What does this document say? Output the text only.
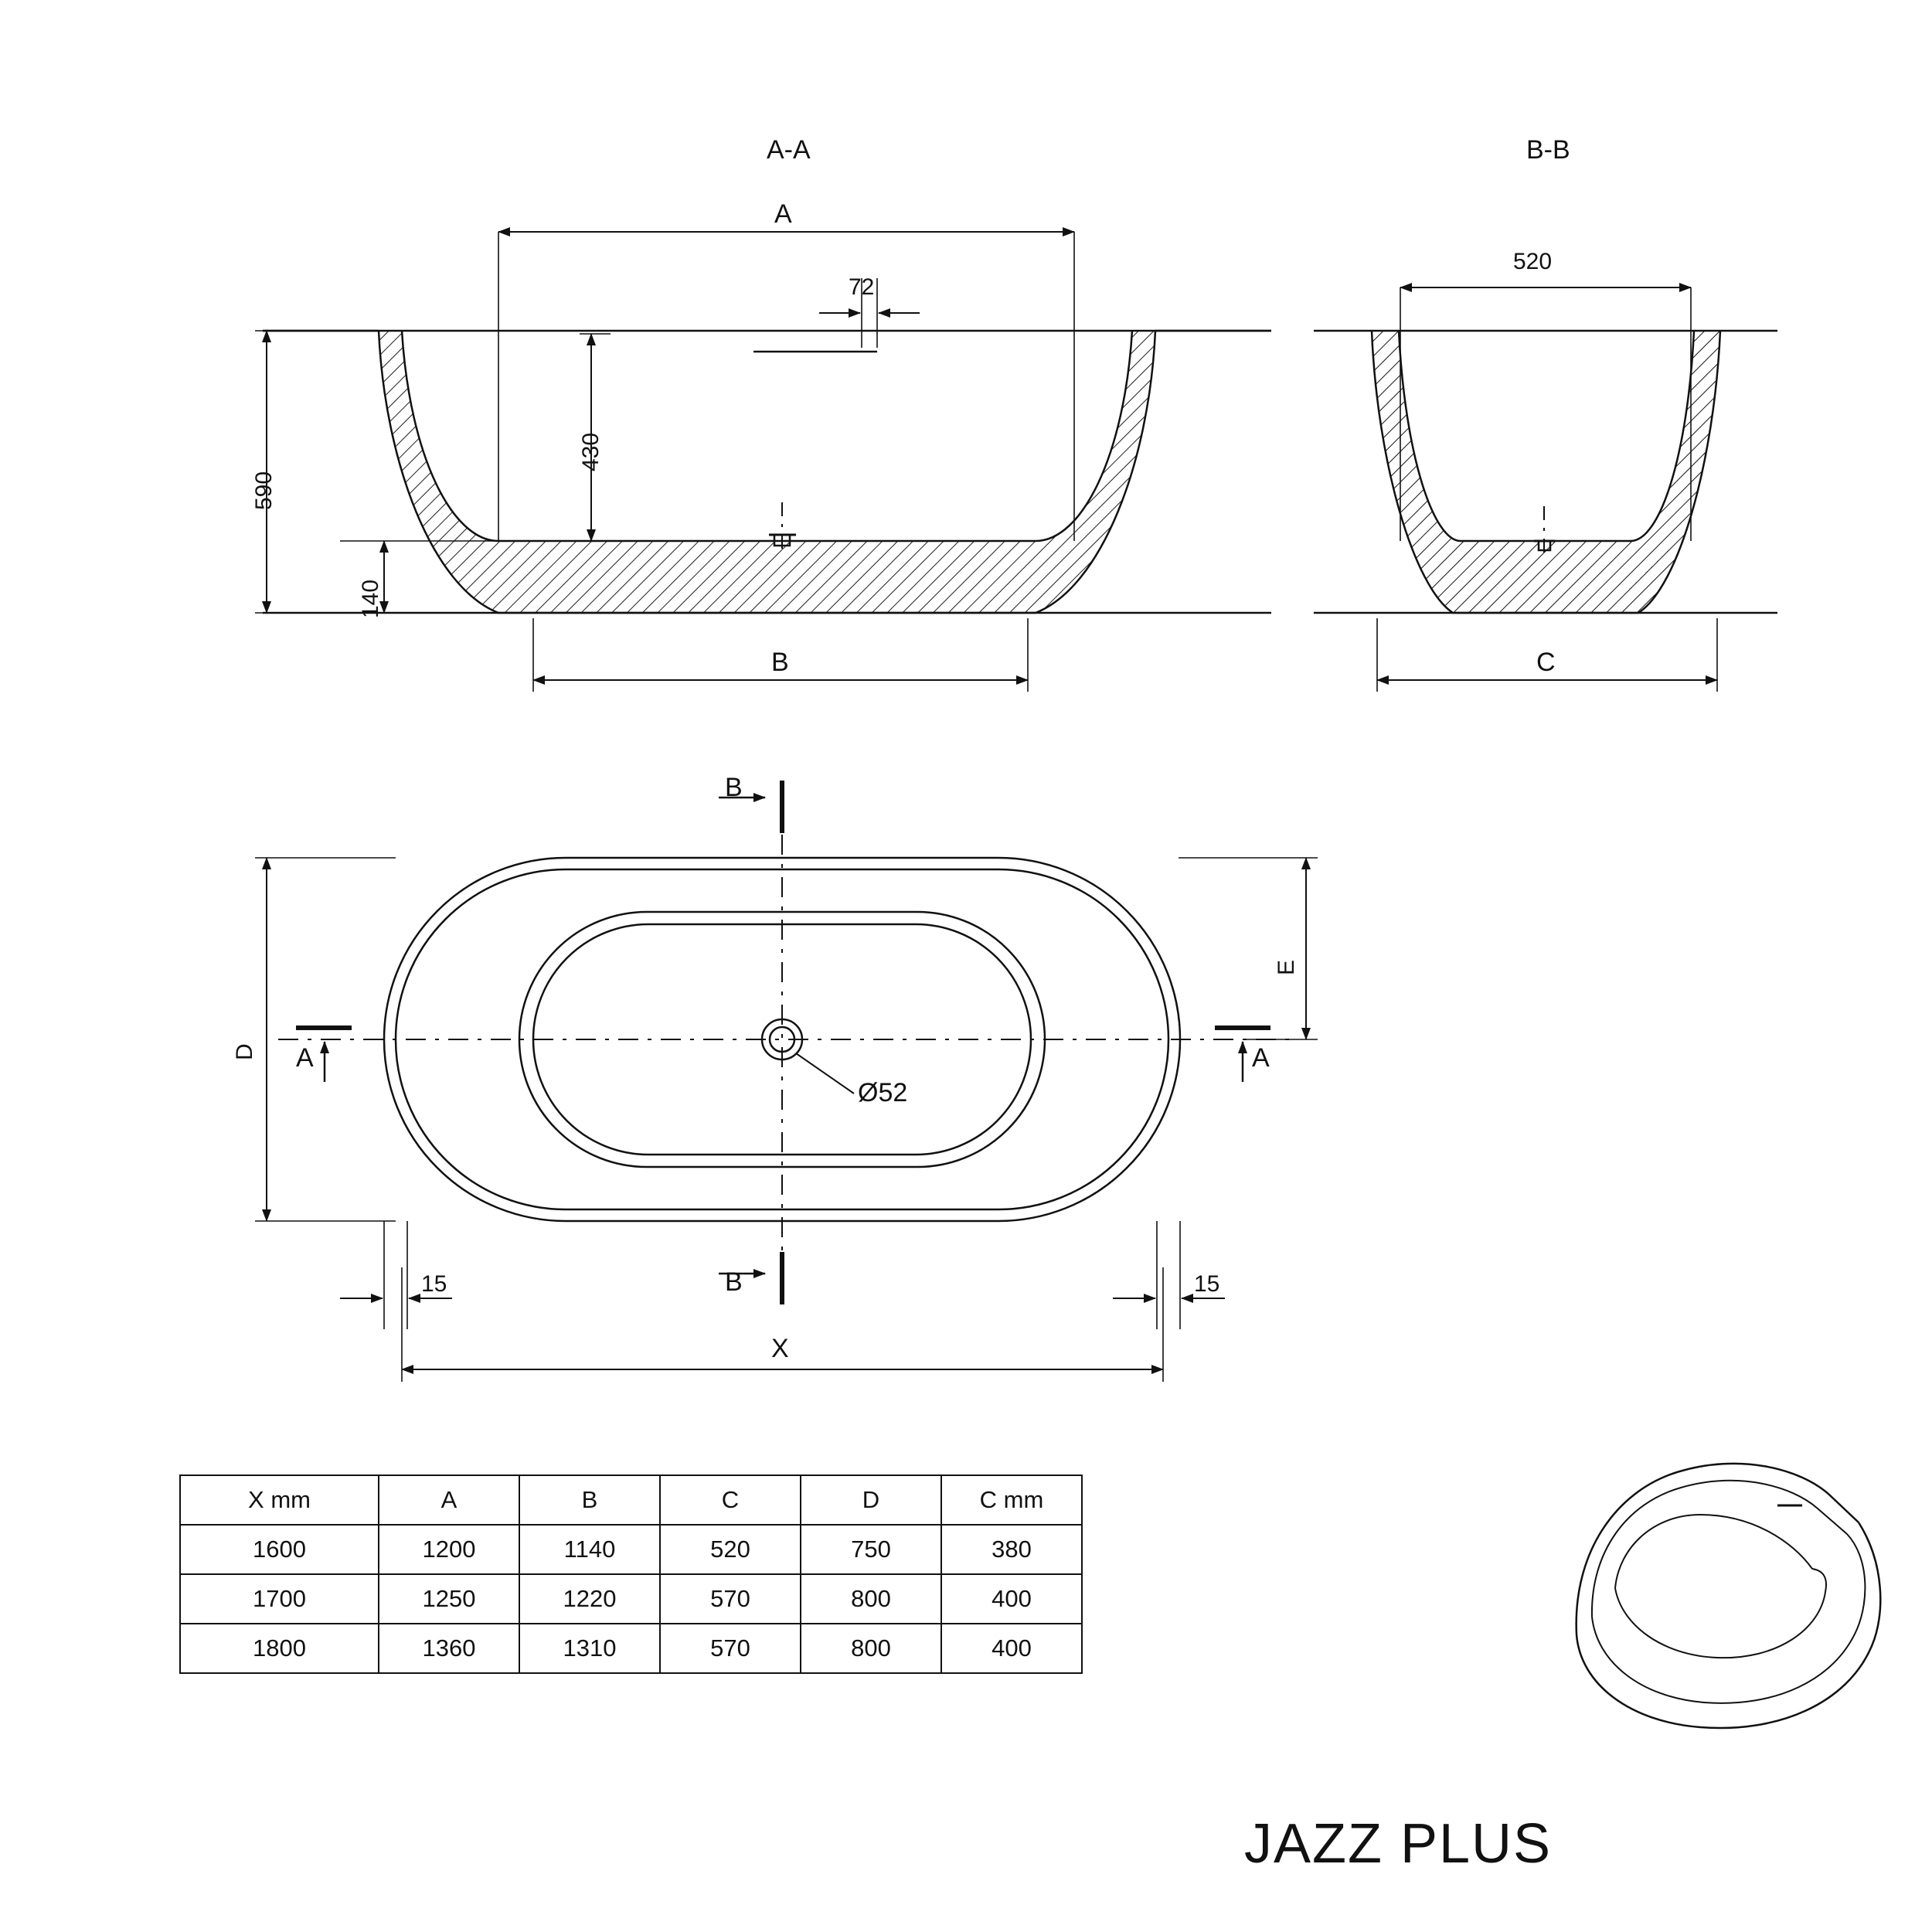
A-A	B-B
A
72
590
430
140
B
520
C
B
B
A	A
D
E
15	15
X
Ø52
X mm	A	B	C	D	C mm
1600	1200	1140	520	750	380
1700	1250	1220	570	800	400
1800	1360	1310	570	800	400
JAZZ PLUS
